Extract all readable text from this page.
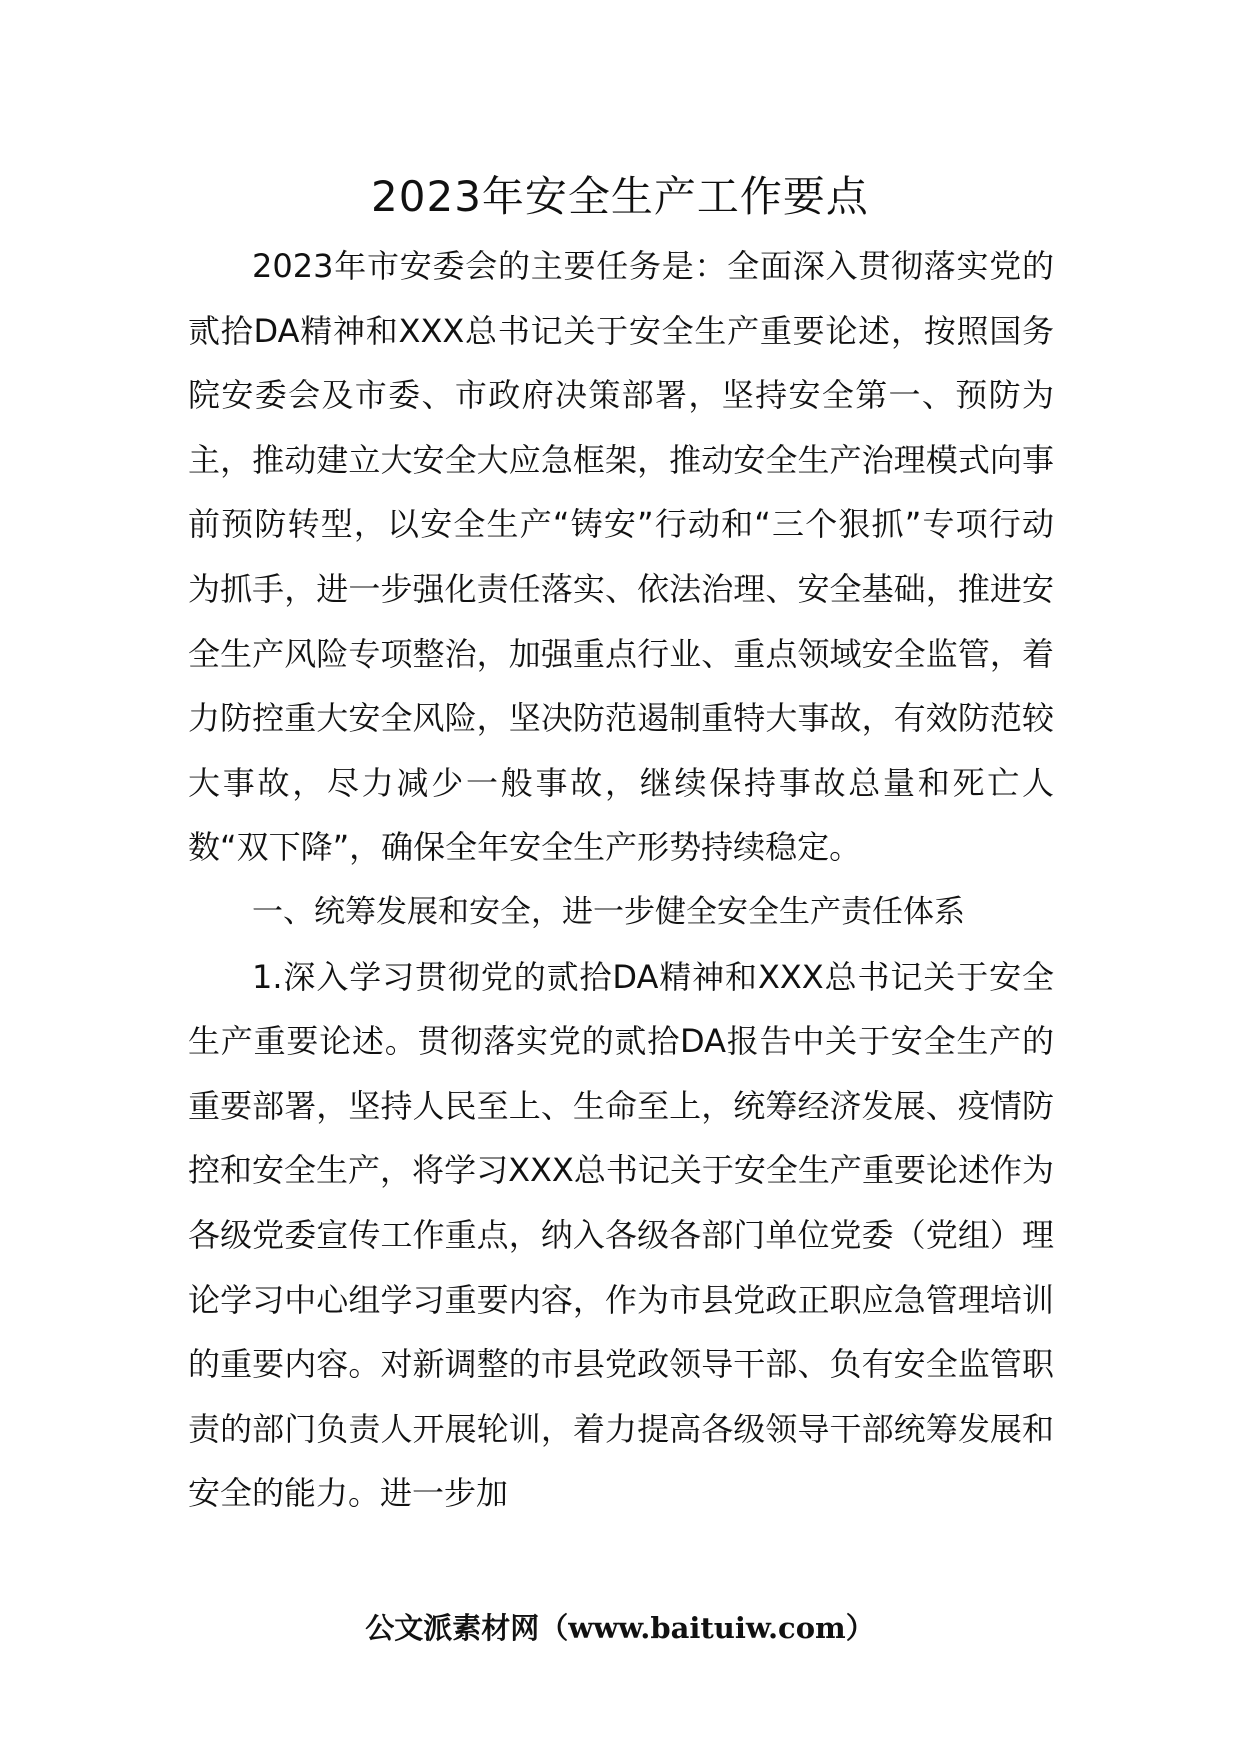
2023年安全生产工作要点

2023年市安委会的主要任务是：全面深入贯彻落实党的贰拾DA精神和XXX总书记关于安全生产重要论述，按照国务院安委会及市委、市政府决策部署，坚持安全第一、预防为主，推动建立大安全大应急框架，推动安全生产治理模式向事前预防转型，以安全生产“铸安”行动和“三个狠抓”专项行动为抓手，进一步强化责任落实、依法治理、安全基础，推进安全生产风险专项整治，加强重点行业、重点领域安全监管，着力防控重大安全风险，坚决防范遏制重特大事故，有效防范较大事故，尽力减少一般事故，继续保持事故总量和死亡人数“双下降”，确保全年安全生产形势持续稳定。

一、统筹发展和安全，进一步健全安全生产责任体系

1.深入学习贯彻党的贰拾DA精神和XXX总书记关于安全生产重要论述。贯彻落实党的贰拾DA报告中关于安全生产的重要部署，坚持人民至上、生命至上，统筹经济发展、疫情防控和安全生产，将学习XXX总书记关于安全生产重要论述作为各级党委宣传工作重点，纳入各级各部门单位党委（党组）理论学习中心组学习重要内容，作为市县党政正职应急管理培训的重要内容。对新调整的市县党政领导干部、负有安全监管职责的部门负责人开展轮训，着力提高各级领导干部统筹发展和安全的能力。进一步加

公文派素材网（www.baituiw.com）
